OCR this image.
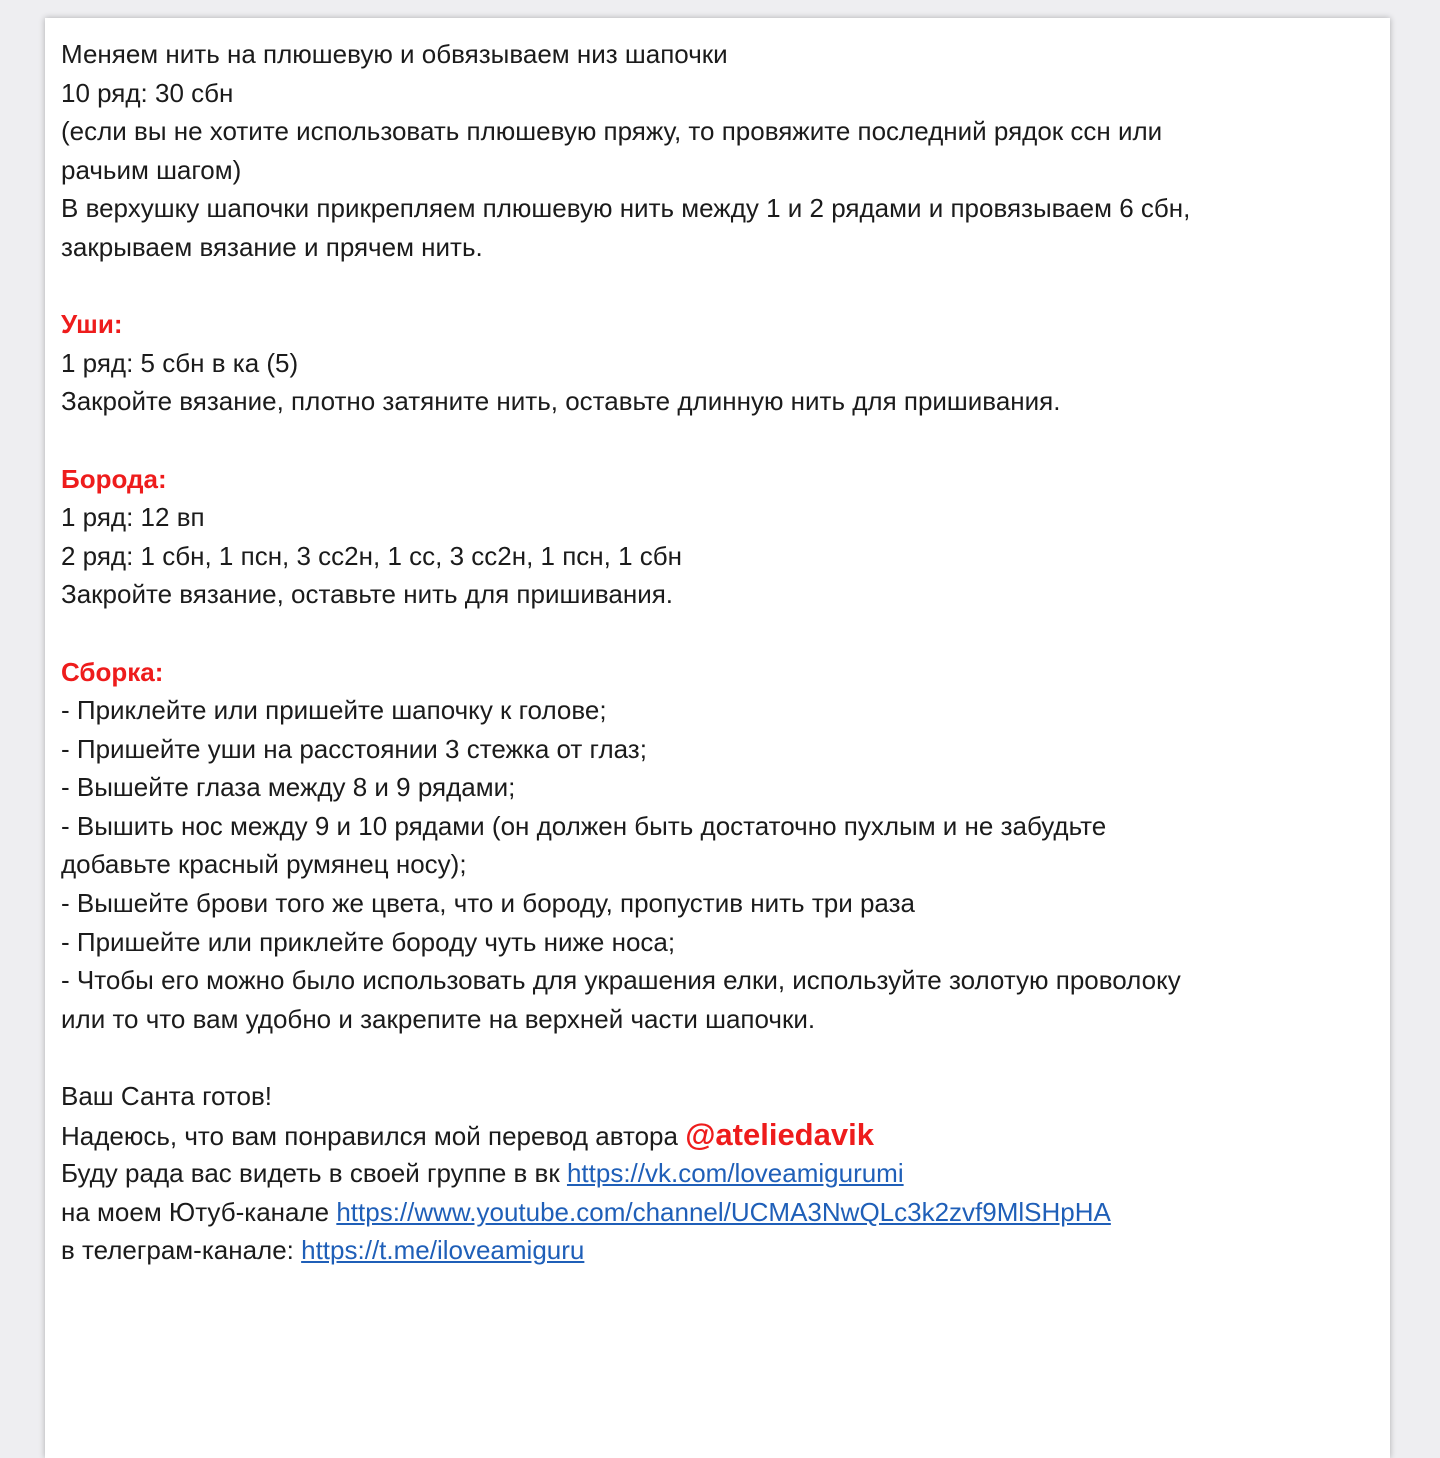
Меняем нить на плюшевую и обвязываем низ шапочки
10 ряд: 30 сбн
(если вы не хотите использовать плюшевую пряжу, то провяжите последний рядок ссн или
рачьим шагом)
В верхушку шапочки прикрепляем плюшевую нить между 1 и 2 рядами и провязываем 6 сбн,
закрываем вязание и прячем нить.
Уши:
1 ряд: 5 сбн в ка (5)
Закройте вязание, плотно затяните нить, оставьте длинную нить для пришивания.
Борода:
1 ряд: 12 вп
2 ряд: 1 сбн, 1 псн, 3 сс2н, 1 сс, 3 сс2н, 1 псн, 1 сбн
Закройте вязание, оставьте нить для пришивания.
Сборка:
- Приклейте или пришейте шапочку к голове;
- Пришейте уши на расстоянии 3 стежка от глаз;
- Вышейте глаза между 8 и 9 рядами;
- Вышить нос между 9 и 10 рядами (он должен быть достаточно пухлым и не забудьте
добавьте красный румянец носу);
- Вышейте брови того же цвета, что и бороду, пропустив нить три раза
- Пришейте или приклейте бороду чуть ниже носа;
- Чтобы его можно было использовать для украшения елки, используйте золотую проволоку
или то что вам удобно и закрепите на верхней части шапочки.
Ваш Санта готов!
Надеюсь, что вам понравился мой перевод автора @ateliedavik
Буду рада вас видеть в своей группе в вк https://vk.com/loveamigurumi
на моем Ютуб-канале https://www.youtube.com/channel/UCMA3NwQLc3k2zvf9MlSHpHA
в телеграм-канале: https://t.me/iloveamiguru
